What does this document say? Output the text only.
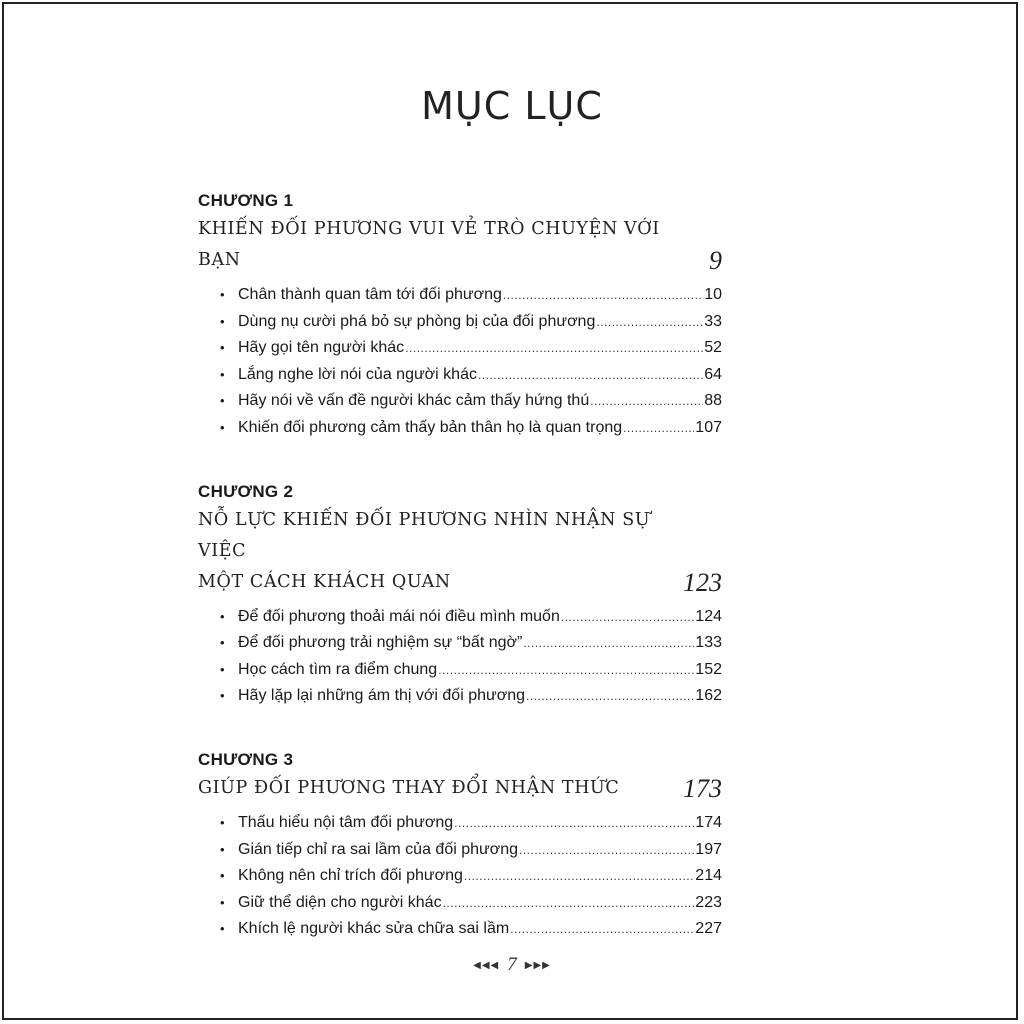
MỤC LỤC
CHƯƠNG 1
KHIẾN ĐỐI PHƯƠNG VUI VẺ TRÒ CHUYỆN VỚI BẠN	9
• Chân thành quan tâm tới đối phương .....	10
• Dùng nụ cười phá bỏ sự phòng bị của đối phương .....	33
• Hãy gọi tên người khác .....	52
• Lắng nghe lời nói của người khác .....	64
• Hãy nói về vấn đề người khác cảm thấy hứng thú .....	88
• Khiến đối phương cảm thấy bản thân họ là quan trọng .....	107
CHƯƠNG 2
NỖ LỰC KHIẾN ĐỐI PHƯƠNG NHÌN NHẬN SỰ VIỆC
MỘT CÁCH KHÁCH QUAN	123
• Để đối phương thoải mái nói điều mình muốn .....	124
• Để đối phương trải nghiệm sự “bất ngờ” .....	133
• Học cách tìm ra điểm chung .....	152
• Hãy lặp lại những ám thị với đối phương .....	162
CHƯƠNG 3
GIÚP ĐỐI PHƯƠNG THAY ĐỔI NHẬN THỨC	173
• Thấu hiểu nội tâm đối phương .....	174
• Gián tiếp chỉ ra sai lầm của đối phương .....	197
• Không nên chỉ trích đối phương .....	214
• Giữ thể diện cho người khác .....	223
• Khích lệ người khác sửa chữa sai lầm .....	227
◀◀◀ 7 ▶▶▶
